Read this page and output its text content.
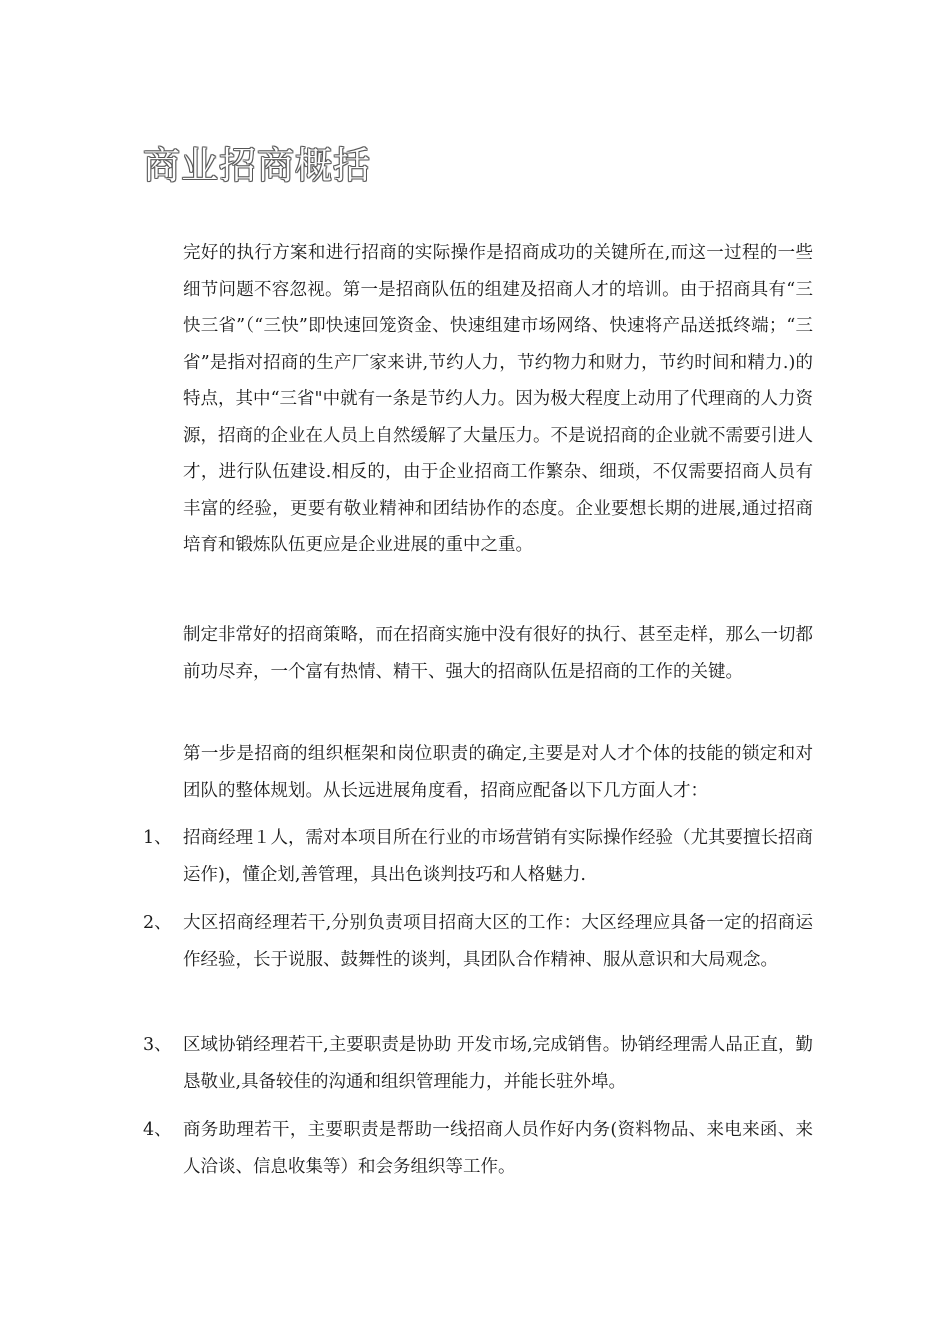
商业招商概括

完好的执行方案和进行招商的实际操作是招商成功的关键所在,而这一过程的一些细节问题不容忽视。第一是招商队伍的组建及招商人才的培训。由于招商具有“三快三省”（“三快”即快速回笼资金、快速组建市场网络、快速将产品送抵终端；“三省”是指对招商的生产厂家来讲,节约人力，节约物力和财力，节约时间和精力.)的特点，其中“三省"中就有一条是节约人力。因为极大程度上动用了代理商的人力资源，招商的企业在人员上自然缓解了大量压力。不是说招商的企业就不需要引进人才，进行队伍建设.相反的，由于企业招商工作繁杂、细琐，不仅需要招商人员有丰富的经验，更要有敬业精神和团结协作的态度。企业要想长期的进展,通过招商培育和锻炼队伍更应是企业进展的重中之重。

制定非常好的招商策略，而在招商实施中没有很好的执行、甚至走样，那么一切都前功尽弃，一个富有热情、精干、强大的招商队伍是招商的工作的关键。

第一步是招商的组织框架和岗位职责的确定,主要是对人才个体的技能的锁定和对团队的整体规划。从长远进展角度看，招商应配备以下几方面人才：

1、 招商经理１人，需对本项目所在行业的市场营销有实际操作经验（尤其要擅长招商运作)，懂企划,善管理，具出色谈判技巧和人格魅力.

2、 大区招商经理若干,分别负责项目招商大区的工作：大区经理应具备一定的招商运作经验，长于说服、鼓舞性的谈判，具团队合作精神、服从意识和大局观念。

3、 区域协销经理若干,主要职责是协助 开发市场,完成销售。协销经理需人品正直，勤恳敬业,具备较佳的沟通和组织管理能力，并能长驻外埠。

4、 商务助理若干，主要职责是帮助一线招商人员作好内务(资料物品、来电来函、来人洽谈、信息收集等）和会务组织等工作。
